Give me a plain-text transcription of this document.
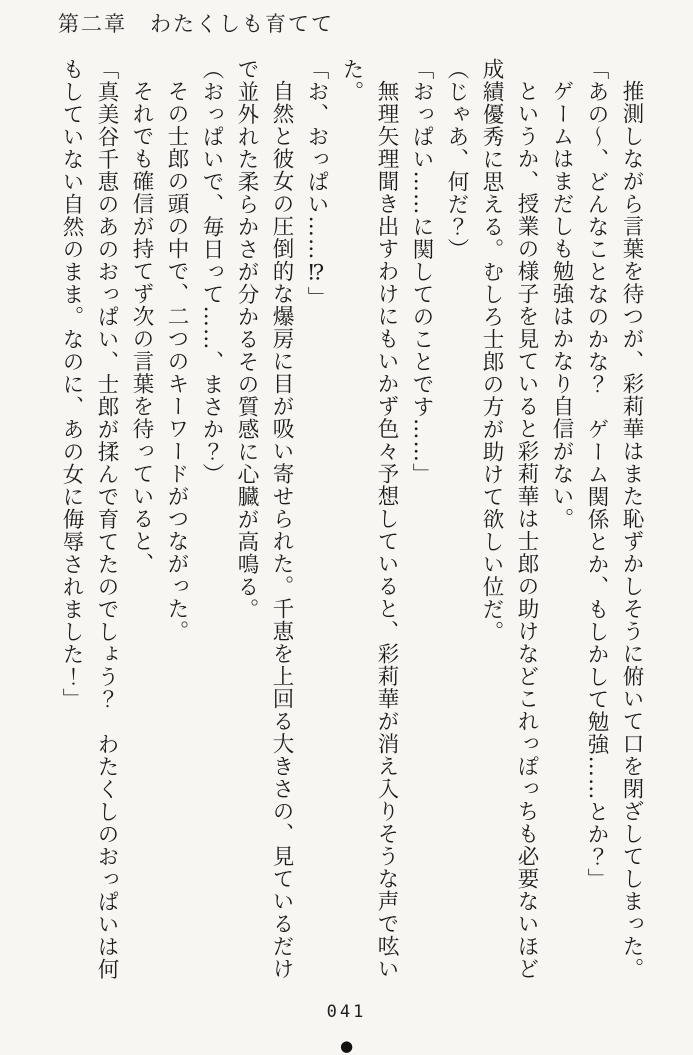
第二章　わたくしも育てて

推測しながら言葉を待つが、彩莉華はまた恥ずかしそうに俯いて口を閉ざしてしまった。

「あの〜、どんなことなのかな？　ゲーム関係とか、もしかして勉強……とか？」

ゲームはまだしも勉強はかなり自信がない。

というか、授業の様子を見ていると彩莉華は士郎の助けなどこれっぽっちも必要ないほど成績優秀に思える。むしろ士郎の方が助けて欲しい位だ。

（じゃあ、何だ？）

「おっぱい……に関してのことです……」

無理矢理聞き出すわけにもいかず色々予想していると、彩莉華が消え入りそうな声で呟いた。

「お、おっぱい……⁉」

自然と彼女の圧倒的な爆房に目が吸い寄せられた。千恵を上回る大きさの、見ているだけで並外れた柔らかさが分かるその質感に心臓が高鳴る。

（おっぱいで、毎日って……、まさか？）

その士郎の頭の中で、二つのキーワードがつながった。

それでも確信が持てず次の言葉を待っていると、

「真美谷千恵のあのおっぱい、士郎が揉んで育てたのでしょう？　わたくしのおっぱいは何もしていない自然のまま。なのに、あの女に侮辱されました！」

041
●
